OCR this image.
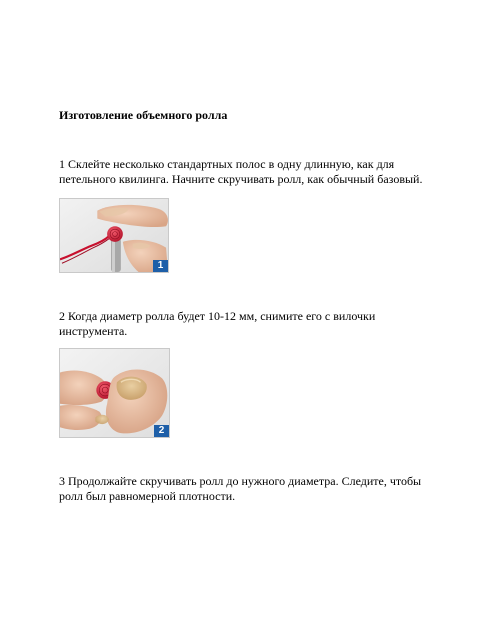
Изготовление объемного ролла
1 Склейте несколько стандартных полос в одну длинную, как для петельного квилинга. Начните скручивать ролл, как обычный базовый.
1
2 Когда диаметр ролла будет 10-12 мм, снимите его с вилочки инструмента.
2
3 Продолжайте скручивать ролл до нужного диаметра. Следите, чтобы ролл был равномерной плотности.
